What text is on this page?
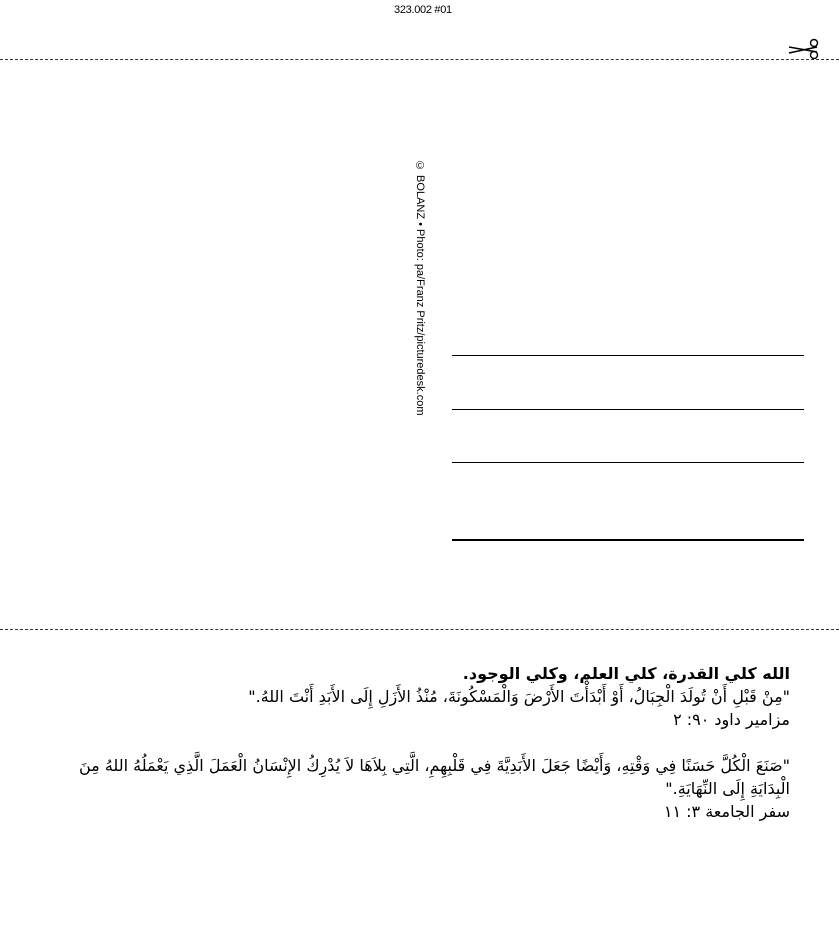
323.002 #01
© BOLANZ • Photo: pa/Franz Pritz/picturedesk.com

الله كلي القدرة، كلي العلم، وكلي الوجود.

"مِنْ قَبْلِ أَنْ تُولَدَ الْجِبَالُ، أَوْ أَبْدَأْتَ الأَرْضَ وَالْمَسْكُونَةَ، مُنْذُ الأَزَلِ إِلَى الأَبَدِ أَنْتَ اللهُ."

مزامير داود ٩٠: ٢

"صَنَعَ الْكُلَّ حَسَنًا فِي وَقْتِهِ، وَأَيْضًا جَعَلَ الأَبَدِيَّةَ فِي قَلْبِهِمِ، الَّتِي بِلاَهَا لاَ يُدْرِكُ الإِنْسَانُ الْعَمَلَ الَّذِي يَعْمَلُهُ اللهُ مِنَ الْبِدَايَةِ إِلَى النِّهَايَةِ."

سفر الجامعة ٣: ١١
